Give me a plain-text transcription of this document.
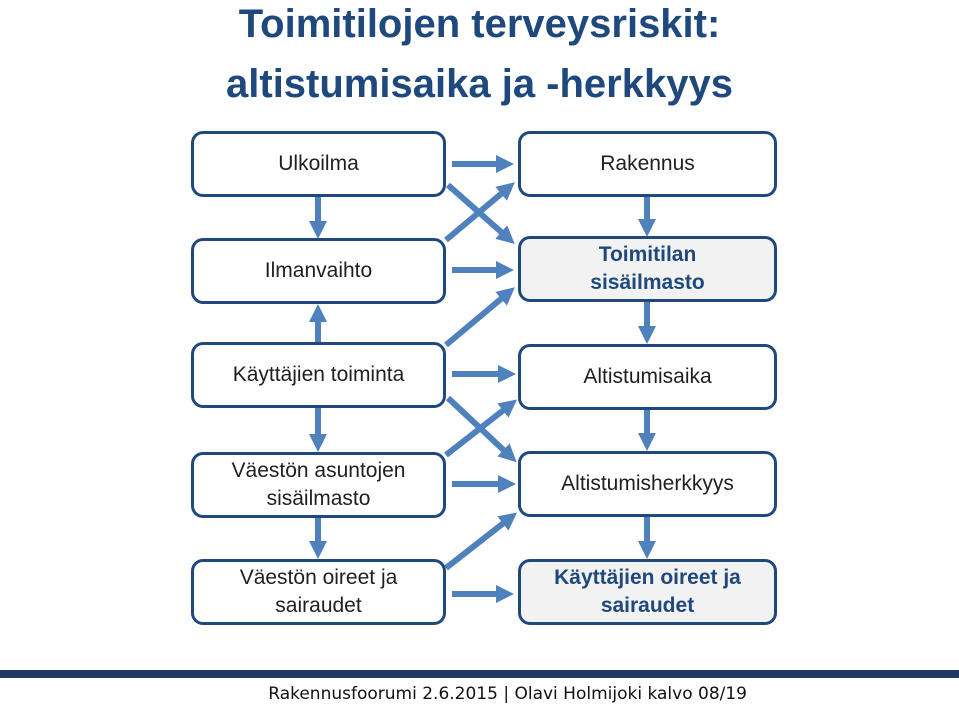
Toimitilojen terveysriskit:
altistumisaika ja -herkkyys
Ulkoilma
Ilmanvaihto
Käyttäjien toiminta
Väestön asuntojen sisäilmasto
Väestön oireet ja sairaudet
Rakennus
Toimitilan sisäilmasto
Altistumisaika
Altistumisherkkyys
Käyttäjien oireet ja sairaudet
Rakennusfoorumi 2.6.2015 | Olavi Holmijoki kalvo 08/19
